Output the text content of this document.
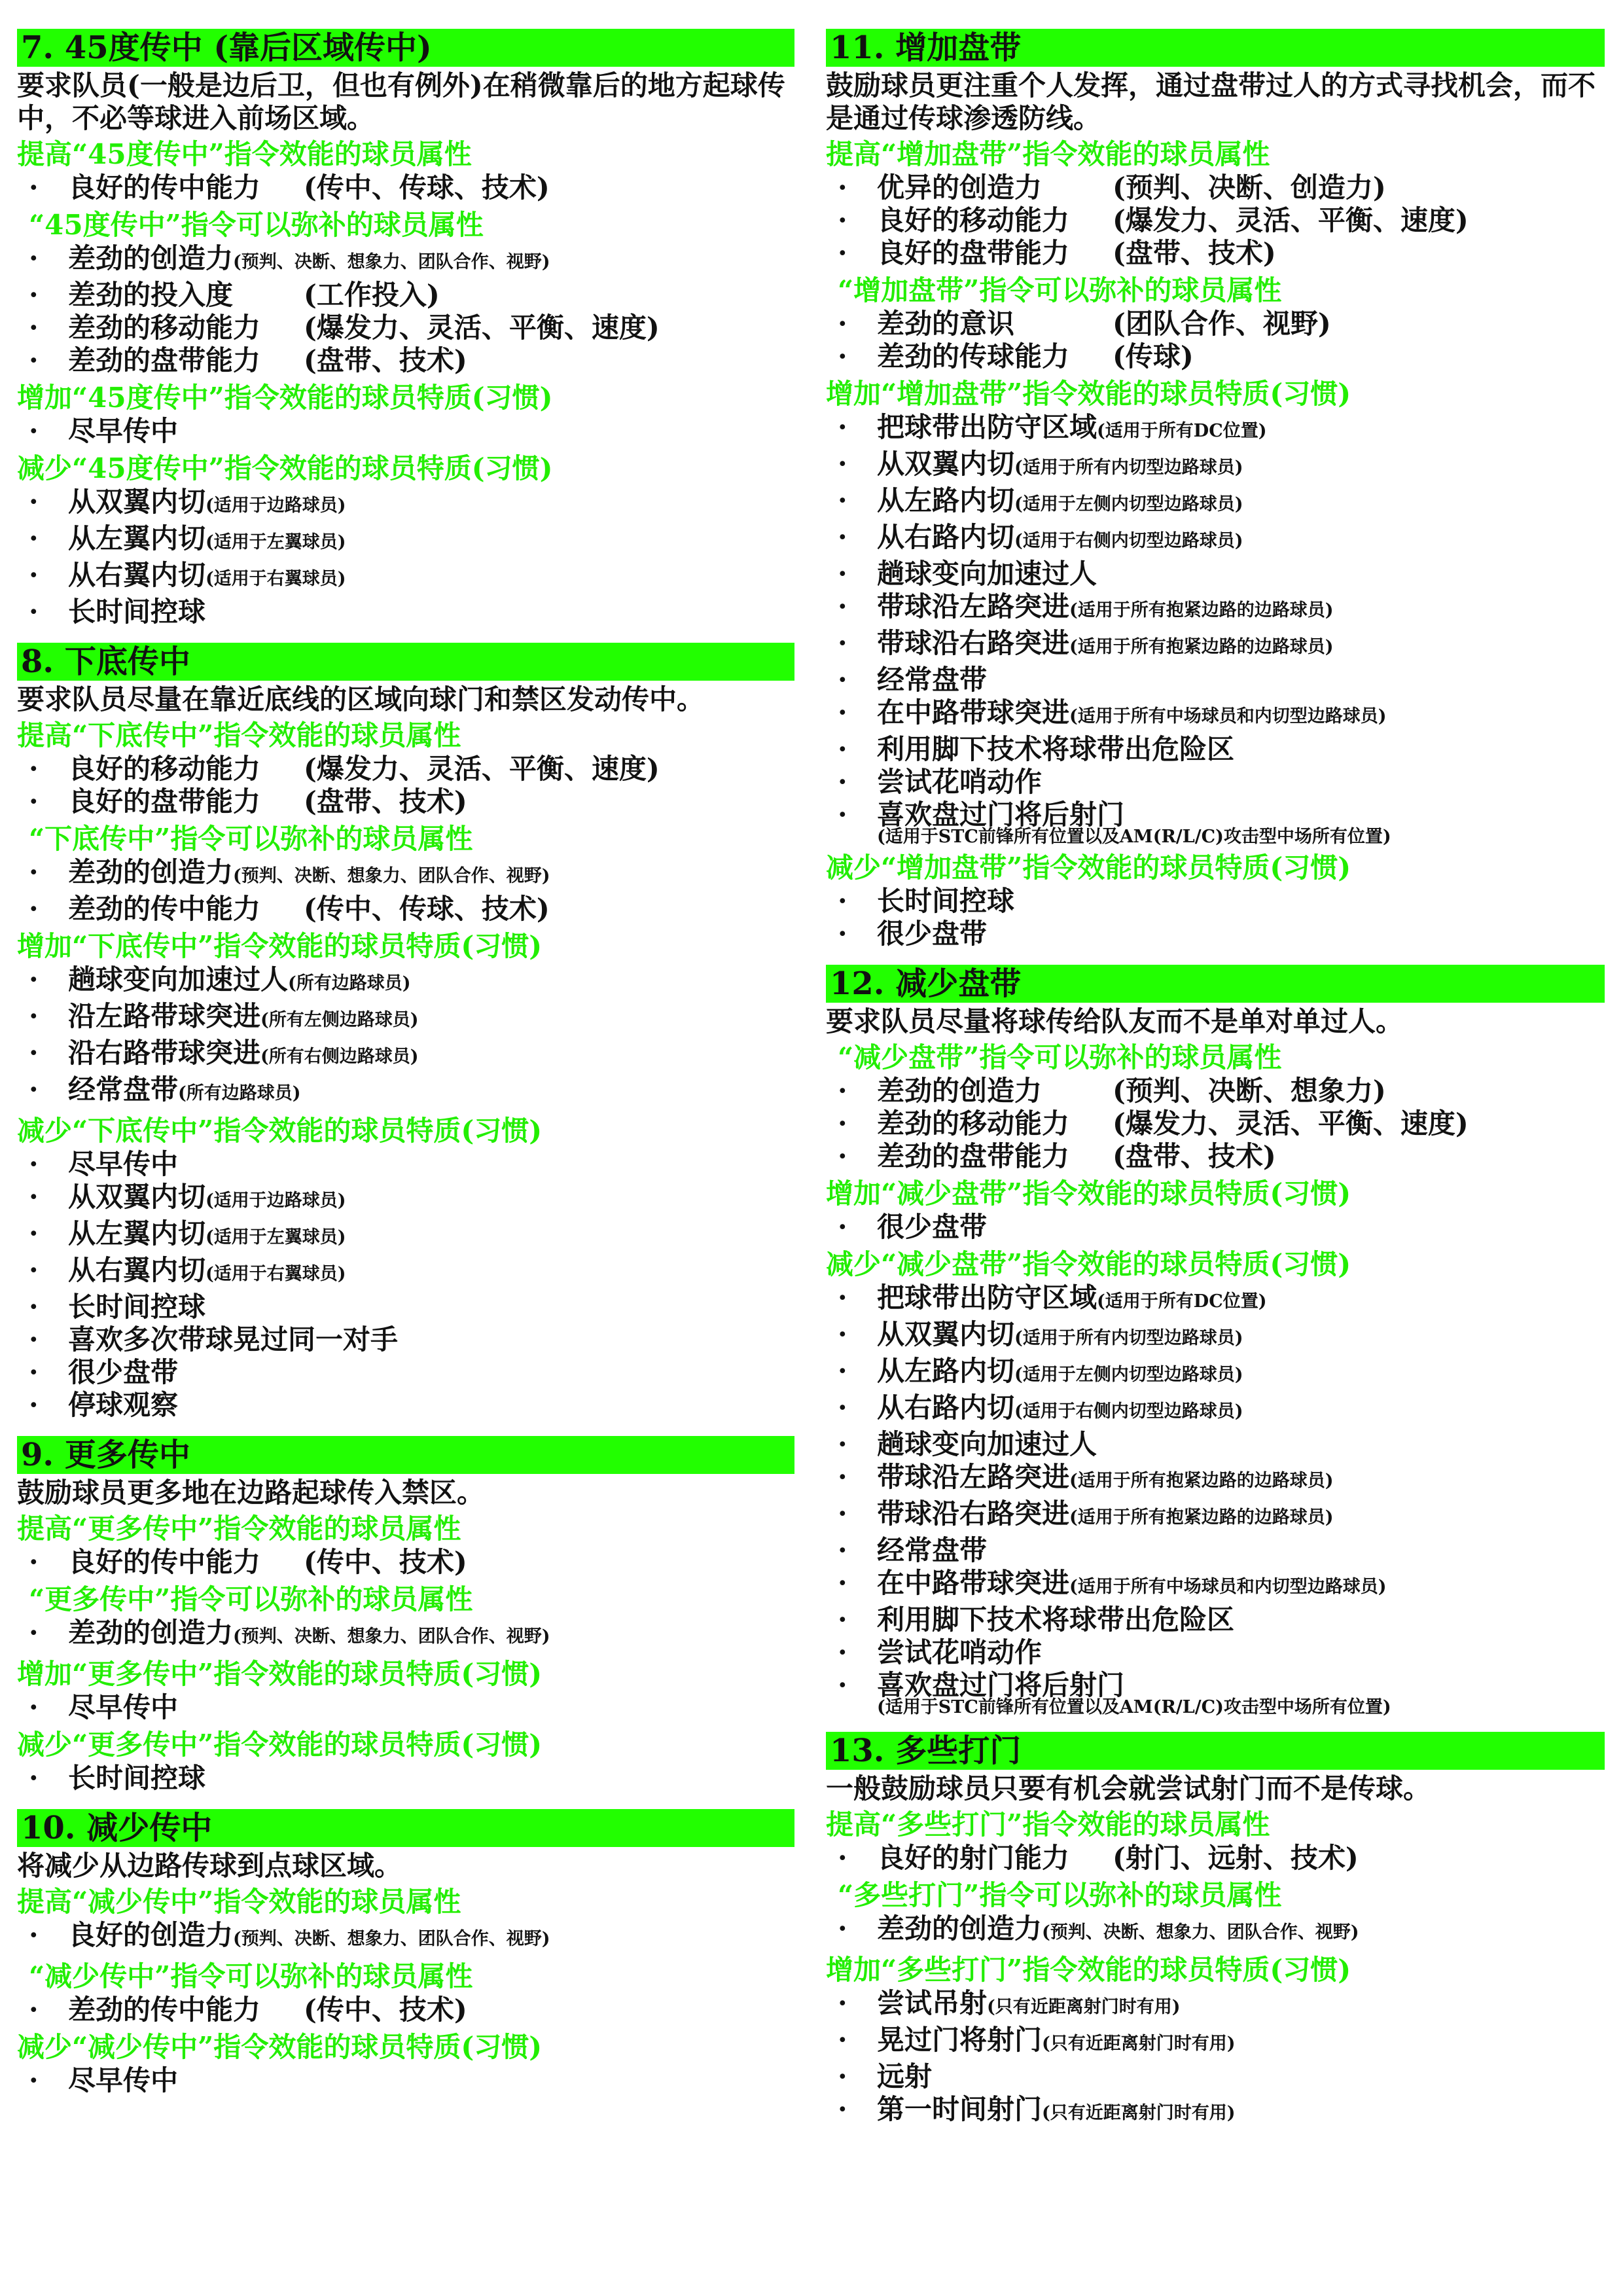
7. 45度传中 (靠后区域传中)
要求队员(一般是边后卫，但也有例外)在稍微靠后的地方起球传中，不必等球进入前场区域。
提高“45度传中”指令效能的球员属性
· 良好的传中能力 (传中、传球、技术)
“45度传中”指令可以弥补的球员属性
· 差劲的创造力(预判、决断、想象力、团队合作、视野)
· 差劲的投入度	(工作投入)
· 差劲的移动能力 (爆发力、灵活、平衡、速度)
· 差劲的盘带能力 (盘带、技术)
增加“45度传中”指令效能的球员特质(习惯)
· 尽早传中
减少“45度传中”指令效能的球员特质(习惯)
· 从双翼内切(适用于边路球员)
· 从左翼内切(适用于左翼球员)
· 从右翼内切(适用于右翼球员)
· 长时间控球
8. 下底传中
要求队员尽量在靠近底线的区域向球门和禁区发动传中。
提高“下底传中”指令效能的球员属性
· 良好的移动能力 (爆发力、灵活、平衡、速度)
· 良好的盘带能力 (盘带、技术)
“下底传中”指令可以弥补的球员属性
· 差劲的创造力(预判、决断、想象力、团队合作、视野)
· 差劲的传中能力 (传中、传球、技术)
增加“下底传中”指令效能的球员特质(习惯)
· 趟球变向加速过人(所有边路球员)
· 沿左路带球突进(所有左侧边路球员)
· 沿右路带球突进(所有右侧边路球员)
· 经常盘带(所有边路球员)
减少“下底传中”指令效能的球员特质(习惯)
· 尽早传中
· 从双翼内切(适用于边路球员)
· 从左翼内切(适用于左翼球员)
· 从右翼内切(适用于右翼球员)
· 长时间控球
· 喜欢多次带球晃过同一对手
· 很少盘带
· 停球观察
9. 更多传中
鼓励球员更多地在边路起球传入禁区。
提高“更多传中”指令效能的球员属性
· 良好的传中能力 (传中、技术)
“更多传中”指令可以弥补的球员属性
· 差劲的创造力(预判、决断、想象力、团队合作、视野)
增加“更多传中”指令效能的球员特质(习惯)
· 尽早传中
减少“更多传中”指令效能的球员特质(习惯)
· 长时间控球
10. 减少传中
将减少从边路传球到点球区域。
提高“减少传中”指令效能的球员属性
· 良好的创造力(预判、决断、想象力、团队合作、视野)
“减少传中”指令可以弥补的球员属性
· 差劲的传中能力 (传中、技术)
减少“减少传中”指令效能的球员特质(习惯)
· 尽早传中
11. 增加盘带
鼓励球员更注重个人发挥，通过盘带过人的方式寻找机会，而不是通过传球渗透防线。
提高“增加盘带”指令效能的球员属性
· 优异的创造力	(预判、决断、创造力)
· 良好的移动能力 (爆发力、灵活、平衡、速度)
· 良好的盘带能力 (盘带、技术)
“增加盘带”指令可以弥补的球员属性
· 差劲的意识	(团队合作、视野)
· 差劲的传球能力 (传球)
增加“增加盘带”指令效能的球员特质(习惯)
· 把球带出防守区域(适用于所有DC位置)
· 从双翼内切(适用于所有内切型边路球员)
· 从左路内切(适用于左侧内切型边路球员)
· 从右路内切(适用于右侧内切型边路球员)
· 趟球变向加速过人
· 带球沿左路突进(适用于所有抱紧边路的边路球员)
· 带球沿右路突进(适用于所有抱紧边路的边路球员)
· 经常盘带
· 在中路带球突进(适用于所有中场球员和内切型边路球员)
· 利用脚下技术将球带出危险区
· 尝试花哨动作
· 喜欢盘过门将后射门
(适用于STC前锋所有位置以及AM(R/L/C)攻击型中场所有位置)
减少“增加盘带”指令效能的球员特质(习惯)
· 长时间控球
· 很少盘带
12. 减少盘带
要求队员尽量将球传给队友而不是单对单过人。
“减少盘带”指令可以弥补的球员属性
· 差劲的创造力	(预判、决断、想象力)
· 差劲的移动能力 (爆发力、灵活、平衡、速度)
· 差劲的盘带能力 (盘带、技术)
增加“减少盘带”指令效能的球员特质(习惯)
· 很少盘带
减少“减少盘带”指令效能的球员特质(习惯)
· 把球带出防守区域(适用于所有DC位置)
· 从双翼内切(适用于所有内切型边路球员)
· 从左路内切(适用于左侧内切型边路球员)
· 从右路内切(适用于右侧内切型边路球员)
· 趟球变向加速过人
· 带球沿左路突进(适用于所有抱紧边路的边路球员)
· 带球沿右路突进(适用于所有抱紧边路的边路球员)
· 经常盘带
· 在中路带球突进(适用于所有中场球员和内切型边路球员)
· 利用脚下技术将球带出危险区
· 尝试花哨动作
· 喜欢盘过门将后射门
(适用于STC前锋所有位置以及AM(R/L/C)攻击型中场所有位置)
13. 多些打门
一般鼓励球员只要有机会就尝试射门而不是传球。
提高“多些打门”指令效能的球员属性
· 良好的射门能力 (射门、远射、技术)
“多些打门”指令可以弥补的球员属性
· 差劲的创造力(预判、决断、想象力、团队合作、视野)
增加“多些打门”指令效能的球员特质(习惯)
· 尝试吊射(只有近距离射门时有用)
· 晃过门将射门(只有近距离射门时有用)
· 远射
· 第一时间射门(只有近距离射门时有用)
